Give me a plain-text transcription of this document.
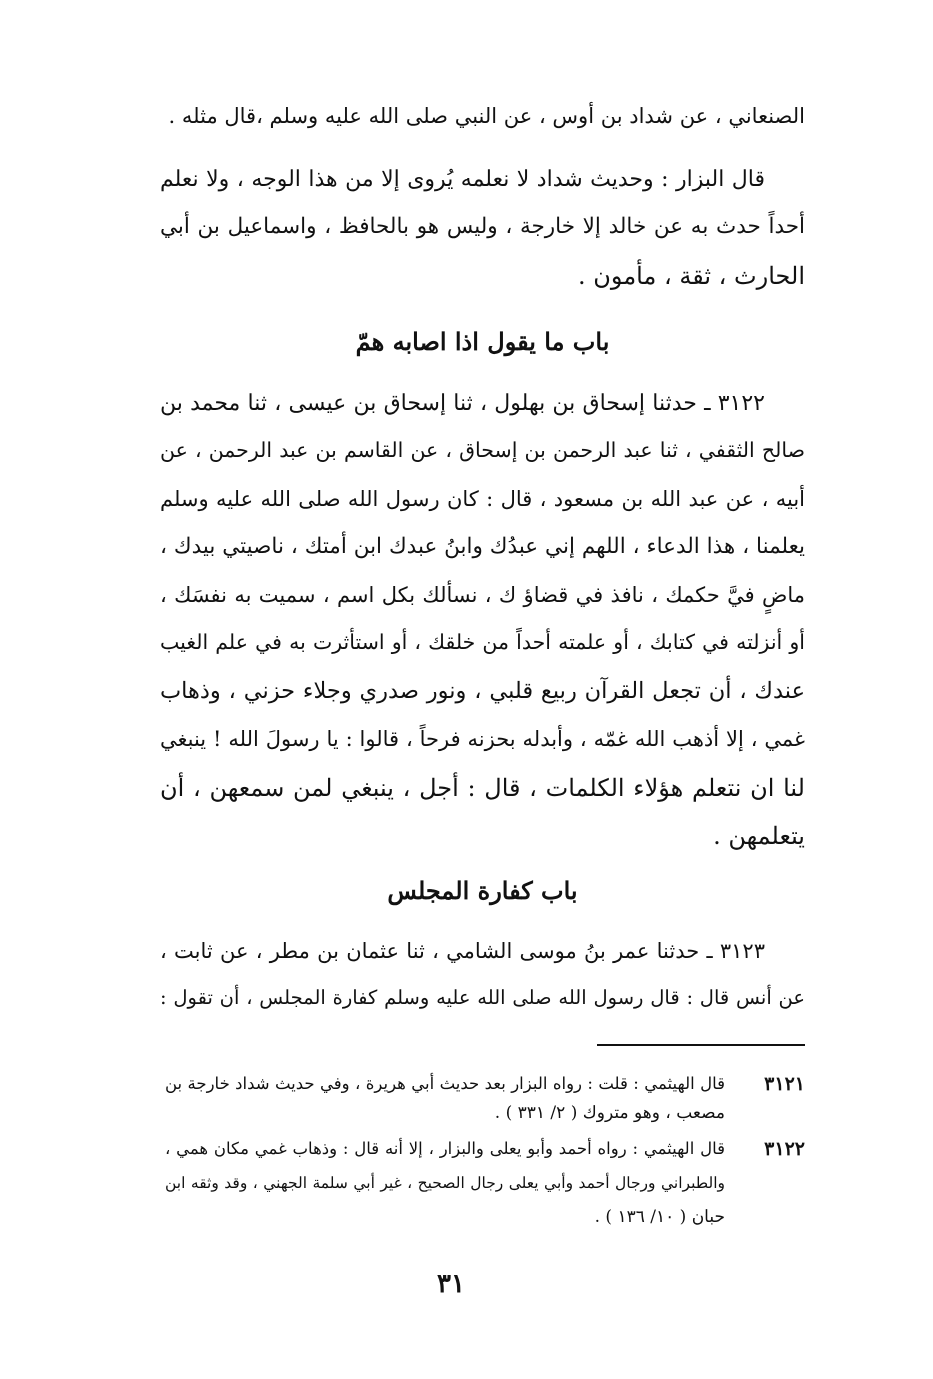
الصنعاني ، عن شداد بن أوس ، عن النبي صلى الله عليه وسلم ،قال مثله .
قال البزار : وحديث شداد لا نعلمه يُروى إلا من هذا الوجه ، ولا نعلم
أحداً حدث به عن خالد إلا خارجة ، وليس هو بالحافظ ، واسماعيل بن أبي
الحارث ، ثقة ، مأمون .
باب ما يقول اذا اصابه همّ
٣١٢٢ ـ حدثنا إسحاق بن بهلول ، ثنا إسحاق بن عيسى ، ثنا محمد بن
صالح الثقفي ، ثنا عبد الرحمن بن إسحاق ، عن القاسم بن عبد الرحمن ، عن
أبيه ، عن عبد الله بن مسعود ، قال : كان رسول الله صلى الله عليه وسلم
يعلمنا ، هذا الدعاء ، اللهم إني عبدُك وابنُ عبدك ابن أمتك ، ناصيتي بيدك ،
ماضٍ فيَّ حكمك ، نافذ في قضاؤ ك ، نسألك بكل اسم ، سميت به نفسَك ،
أو أنزلته في كتابك ، أو علمته أحداً من خلقك ، أو استأثرت به في علم الغيب
عندك ، أن تجعل القرآن ربيع قلبي ، ونور صدري وجلاء حزني ، وذهاب
غمي ، إلا أذهب الله غمّه ، وأبدله بحزنه فرحاً ، قالوا : يا رسولَ الله ! ينبغي
لنا ان نتعلم هؤلاء الكلمات ، قال : أجل ، ينبغي لمن سمعهن ، أن
يتعلمهن .
باب كفارة المجلس
٣١٢٣ ـ حدثنا عمر بنُ موسى الشامي ، ثنا عثمان بن مطر ، عن ثابت ،
عن أنس قال : قال رسول الله صلى الله عليه وسلم كفارة المجلس ، أن تقول :
٣١٢١
قال الهيثمي : قلت : رواه البزار بعد حديث أبي هريرة ، وفي حديث شداد خارجة بن
مصعب ، وهو متروك ( ٢/ ٣٣١ ) .
٣١٢٢
قال الهيثمي : رواه أحمد وأبو يعلى والبزار ، إلا أنه قال : وذهاب غمي مكان همي ،
والطبراني ورجال أحمد وأبي يعلى رجال الصحيح ، غير أبي سلمة الجهني ، وقد وثقه ابن
حبان ( ١٠/ ١٣٦ ) .
٣١
